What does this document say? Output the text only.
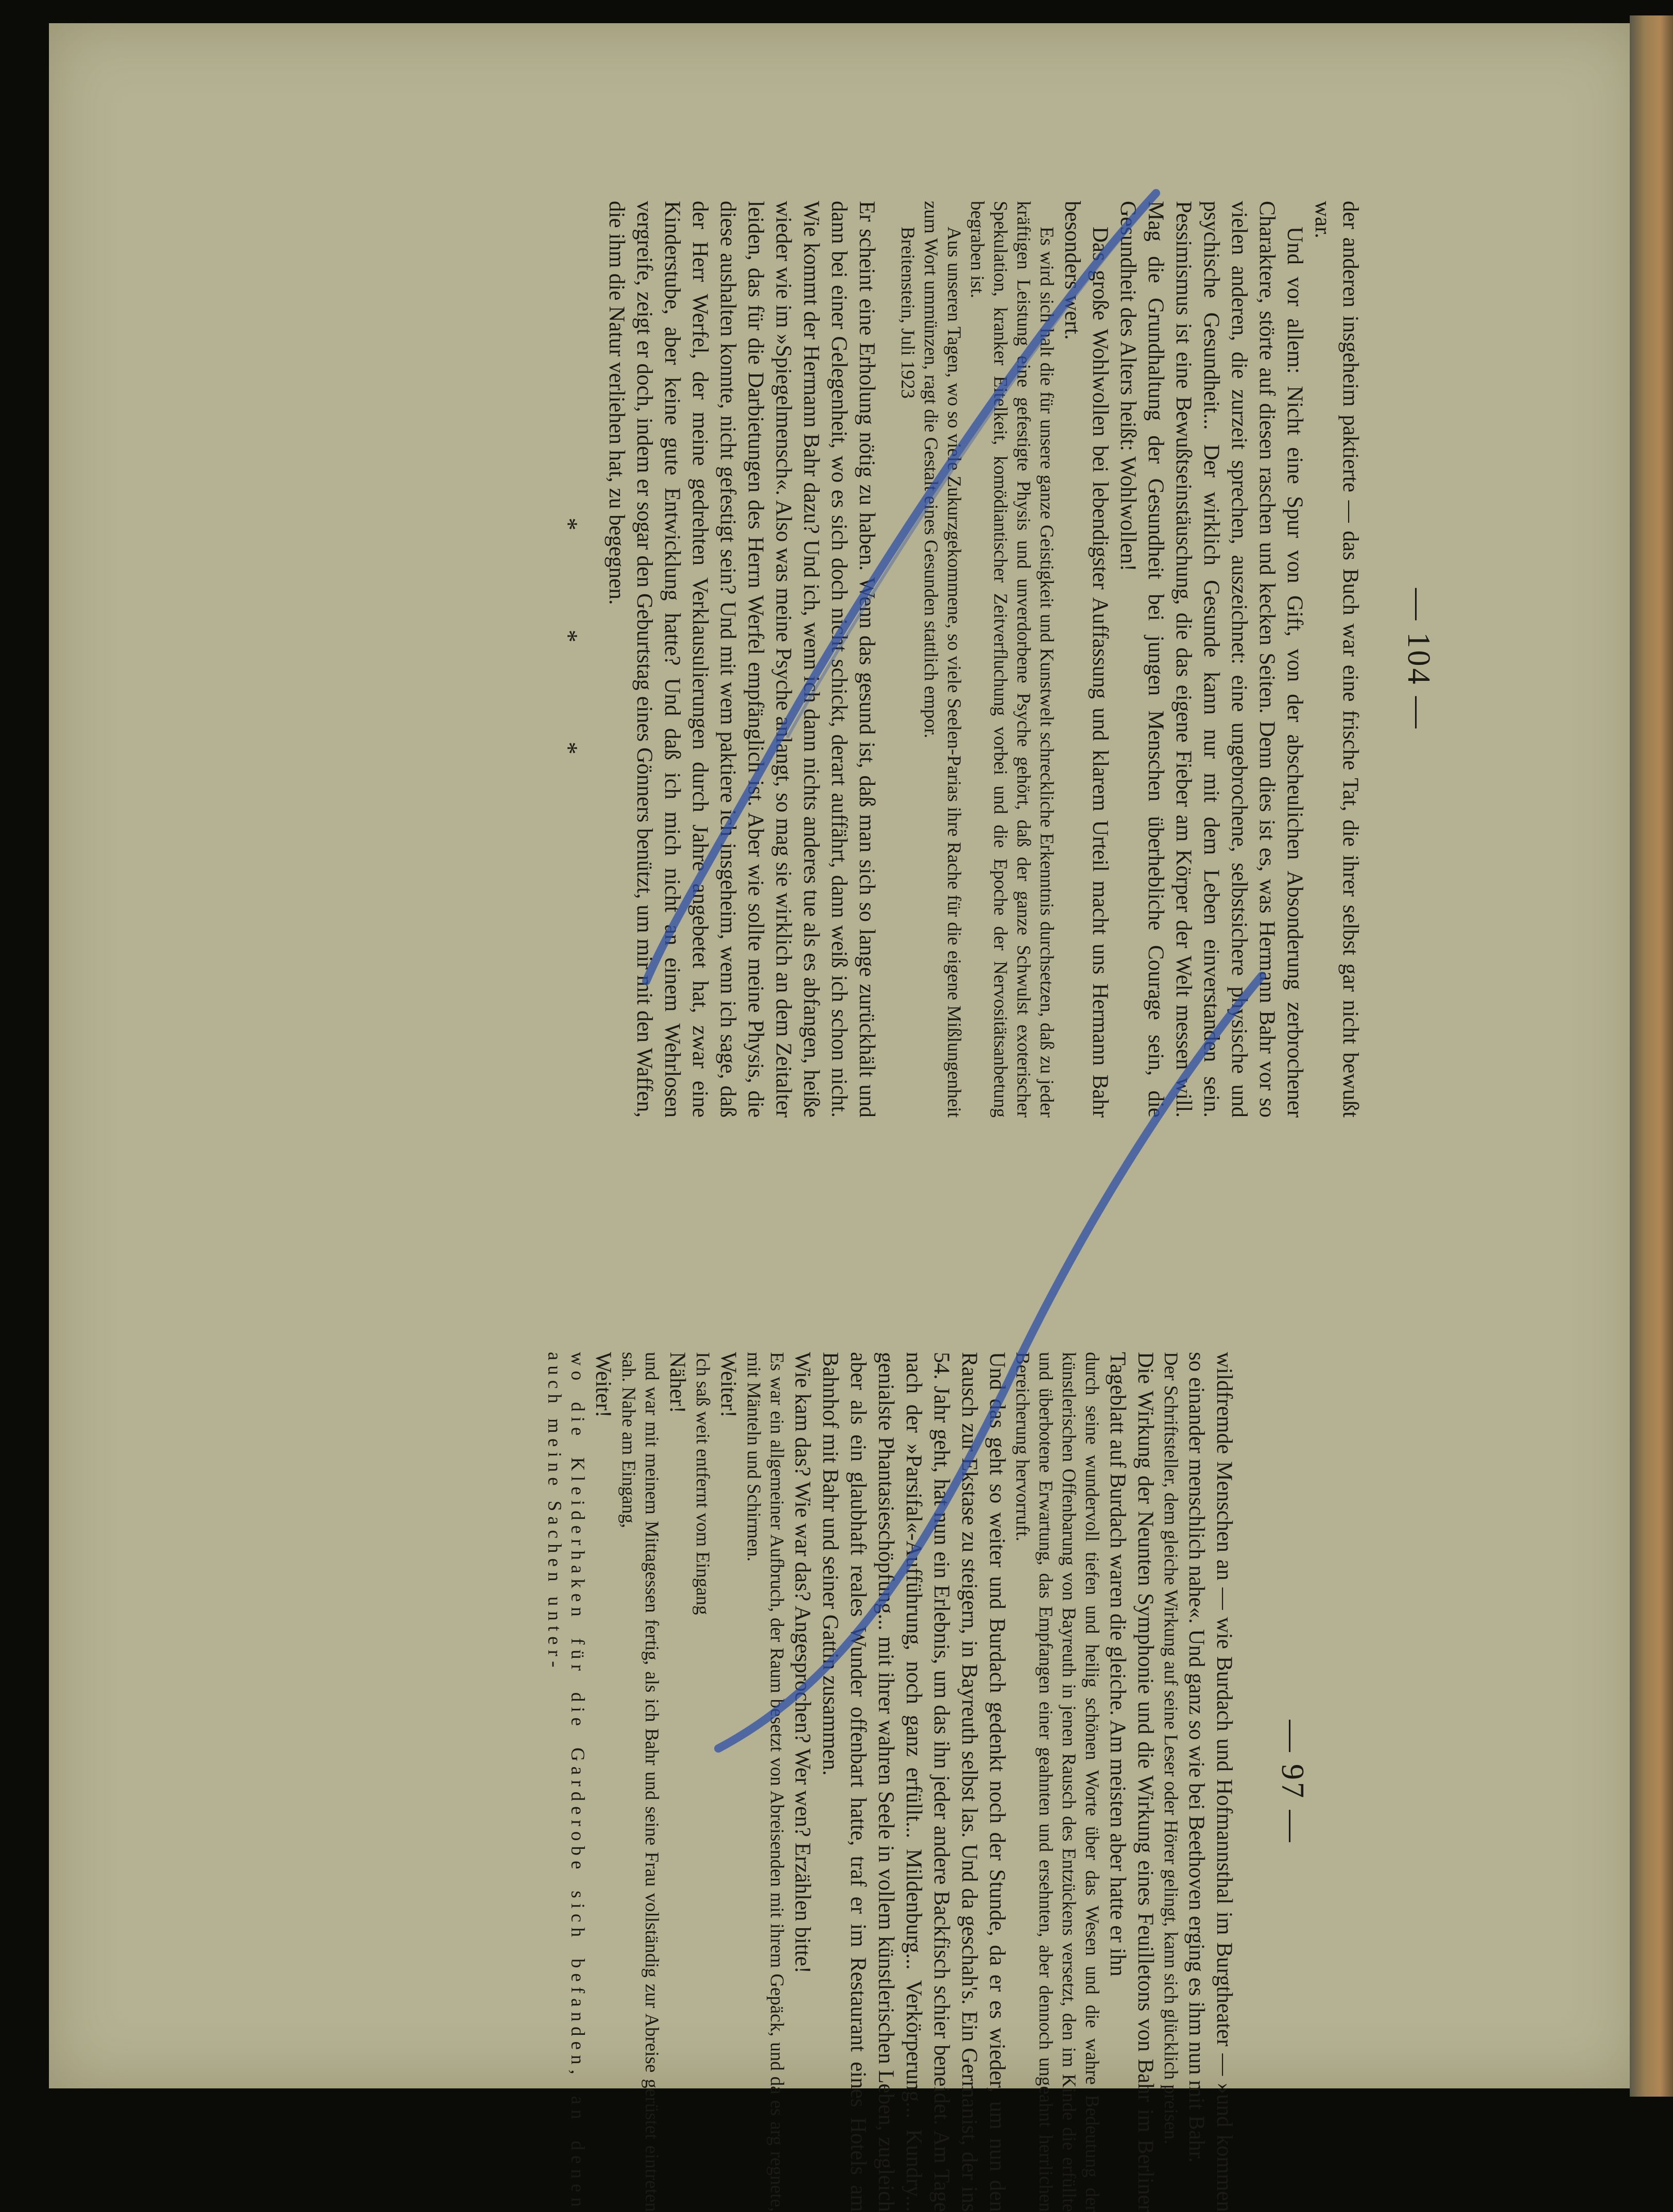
— 104 —

der anderen insgeheim paktierte — das Buch war eine frische Tat, die ihrer selbst gar nicht bewußt war.

Und vor allem: Nicht eine Spur von Gift, von der abscheulichen Absonderung zerbrochener Charaktere, störte auf diesen raschen und kecken Seiten. Denn dies ist es, was Hermann Bahr vor so vielen anderen, die zurzeit sprechen, auszeichnet: eine ungebrochene, selbstsichere physische und psychische Gesundheit... Der wirklich Gesunde kann nur mit dem Leben einverstanden sein. Pessimismus ist eine Bewußtseinstäuschung, die das eigene Fieber am Körper der Welt messen will. Mag die Grundhaltung der Gesundheit bei jungen Menschen überhebliche Courage sein, die Gesundheit des Alters heißt: Wohlwollen!

Das große Wohlwollen bei lebendigster Auffassung und klarem Urteil macht uns Hermann Bahr besonders wert.

Es wird sich halt die für unsere ganze Geistigkeit und Kunstwelt schreckliche Erkenntnis durchsetzen, daß zu jeder kräftigen Leistung eine gefestigte Physis und unverdorbene Psyche gehört, daß der ganze Schwulst exoterischer Spekulation, kranker Eitelkeit, komödiantischer Zeitverfluchung vorbei und die Epoche der Nervositätsanbetung begraben ist.

Aus unseren Tagen, wo so viele Zukurzgekommene, so viele Seelen-Parias ihre Rache für die eigene Mißlungenheit zum Wort ummünzen, ragt die Gestalt eines Gesunden stattlich empor.

Breitenstein, Juli 1923

Er scheint eine Erholung nötig zu haben. Wenn das gesund ist, daß man sich so lange zurückhält und dann bei einer Gelegenheit, wo es sich doch nicht schickt, derart auffährt, dann weiß ich schon nicht. Wie kommt der Hermann Bahr dazu? Und ich, wenn ich dann nichts anderes tue als es abfangen, heiße wieder wie im »Spiegelmensch«. Also was meine Psyche anlangt, so mag sie wirklich an dem Zeitalter leiden, das für die Darbietungen des Herrn Werfel empfänglich ist. Aber wie sollte meine Physis, die diese aushalten konnte, nicht gefestigt sein? Und mit wem paktiere ich insgeheim, wenn ich sage, daß der Herr Werfel, der meine gedrehten Verklausulierungen durch Jahre angebetet hat, zwar eine Kinderstube, aber keine gute Entwicklung hatte? Und daß ich mich nicht an einem Wehrlosen vergreife, zeigt er doch, indem er sogar den Geburtstag eines Gönners benützt, um mir mit den Waffen, die ihm die Natur verliehen hat, zu begegnen.

* * *
— 97 —

wildfremde Menschen an — wie Burdach und Hofmannsthal im Burgtheater — »und kommen so einander menschlich nahe«. Und ganz so wie bei Beethoven erging es ihm nun mit Bahr.

Der Schriftsteller, dem gleiche Wirkung auf seine Leser oder Hörer gelingt, kann sich glücklich preisen.

Die Wirkung der Neunten Symphonie und die Wirkung eines Feuilletons von Bahr im Berliner Tageblatt auf Burdach waren die gleiche. Am meisten aber hatte er ihn

durch seine wundervoll tiefen und heilig schönen Worte über das Wesen und die wahre Bedeutung der künstlerischen Offenbarung von Bayreuth in jenen Rausch des Entzückens versetzt, den im Kinde die erfüllte und überbotene Erwartung, das Empfangen einer geahnten und ersehnten, aber dennoch ungeahnt herrlichen Bereicherung hervorruft.

Und das geht so weiter und Burdach gedenkt noch der Stunde, da er es wieder, um nun den Rausch zur Ekstase zu steigern, in Bayreuth selbst las. Und da geschah's. Ein Germanist, der ins 54. Jahr geht, hat nun ein Erlebnis, um das ihn jeder andere Backfisch schier beneidet. Am Tage nach der »Parsifal«-Aufführung, noch ganz erfüllt... Mildenburg... Verkörperung... Kundry... genialste Phantasieschöpfung... mit ihrer wahren Seele in vollem künstlerischen Leben, zugleich aber als ein glaubhaft reales Wunder offenbart hatte, traf er im Restaurant eines Hotels am Bahnhof mit Bahr und seiner Gattin zusammen.

Wie kam das? Wie war das? Angesprochen? Wer wen? Erzählen bitte!

Es war ein allgemeiner Aufbruch, der Raum besetzt von Abreisenden mit ihrem Gepäck, und da es arg regnete, mit Mänteln und Schirmen.

Weiter!

Ich saß weit entfernt vom Eingang

Näher!

und war mit meinem Mittagessen fertig, als ich Bahr und seine Frau vollständig zur Abreise gerüstet eintreten sah. Nahe am Eingang,

Weiter!

wo die Kleiderhaken für die Garderobe sich befanden, an denen auch meine Sachen unter-
